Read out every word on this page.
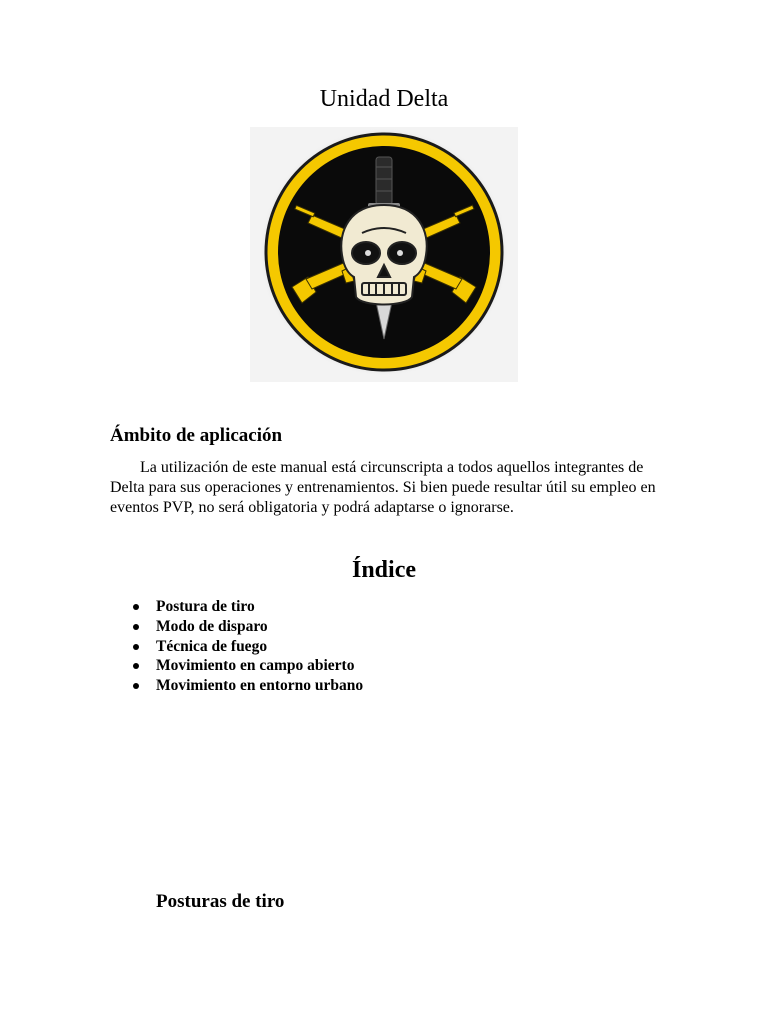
Unidad Delta
Ámbito de aplicación

La utilización de este manual está circunscripta a todos aquellos integrantes de Delta para sus operaciones y entrenamientos. Si bien puede resultar útil su empleo en eventos PVP, no será obligatoria y podrá adaptarse o ignorarse.

Índice
Postura de tiro
Modo de disparo
Técnica de fuego
Movimiento en campo abierto
Movimiento en entorno urbano
Posturas de tiro
